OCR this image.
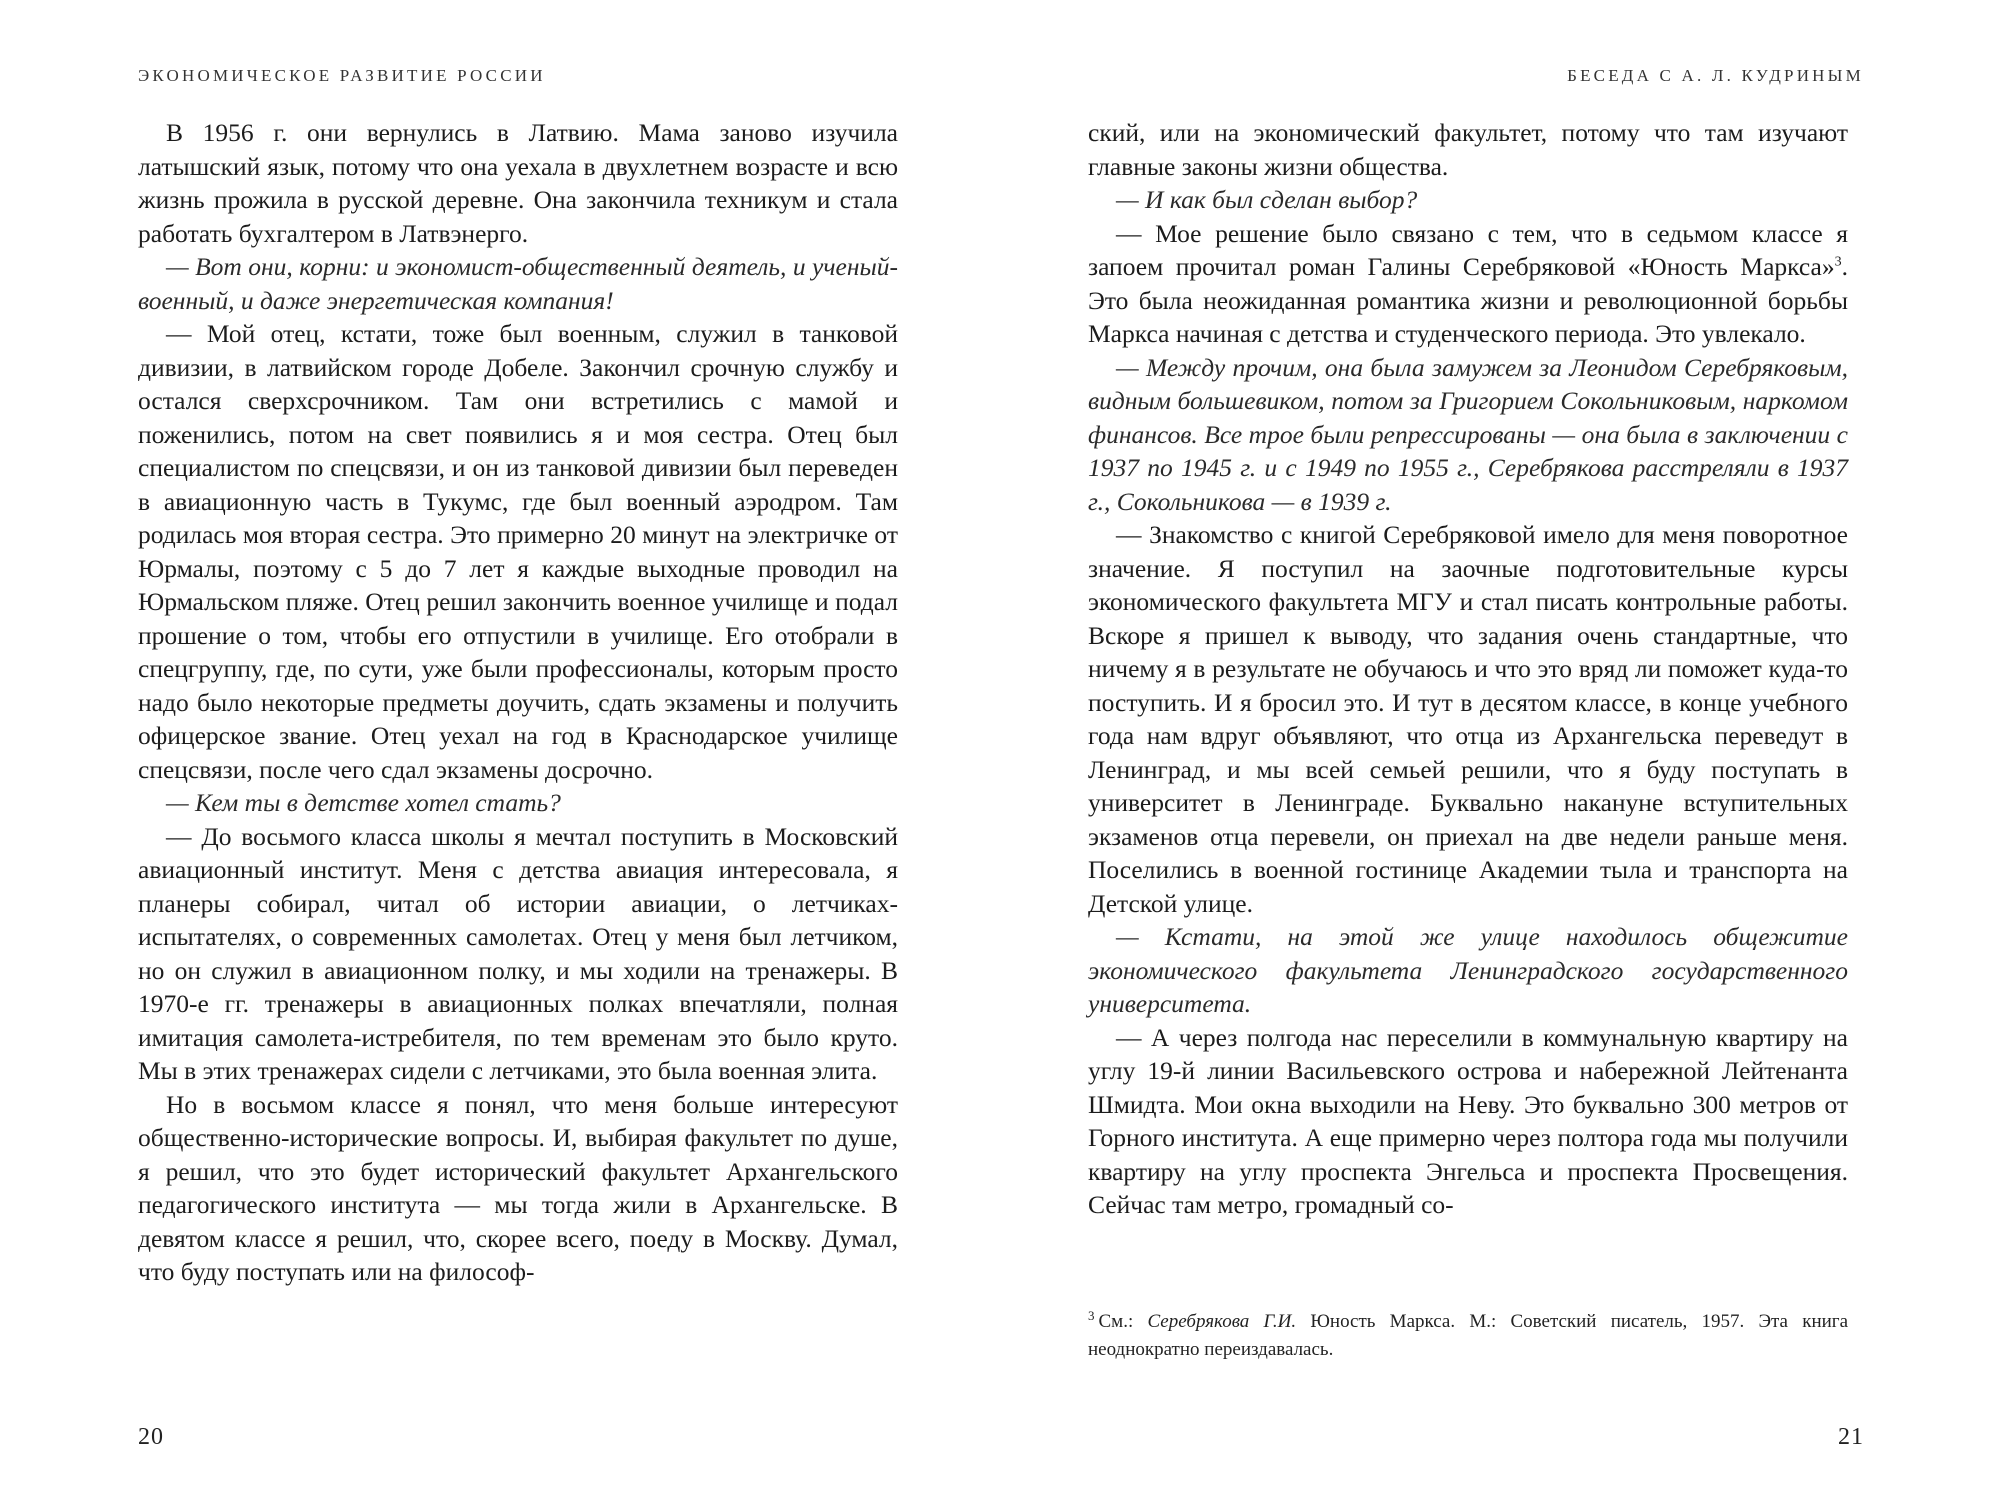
ЭКОНОМИЧЕСКОЕ РАЗВИТИЕ РОССИИ

В 1956 г. они вернулись в Латвию. Мама заново изучила латышский язык, потому что она уехала в двухлетнем возрасте и всю жизнь прожила в русской деревне. Она закончила техникум и стала работать бухгалтером в Латвэнерго.

— Вот они, корни: и экономист-общественный деятель, и ученый-военный, и даже энергетическая компания!

— Мой отец, кстати, тоже был военным, служил в танковой дивизии, в латвийском городе Добеле. Закончил срочную службу и остался сверхсрочником. Там они встретились с мамой и поженились, потом на свет появились я и моя сестра. Отец был специалистом по спецсвязи, и он из танковой дивизии был переведен в авиационную часть в Тукумс, где был военный аэродром. Там родилась моя вторая сестра. Это примерно 20 минут на электричке от Юрмалы, поэтому с 5 до 7 лет я каждые выходные проводил на Юрмальском пляже. Отец решил закончить военное училище и подал прошение о том, чтобы его отпустили в училище. Его отобрали в спецгруппу, где, по сути, уже были профессионалы, которым просто надо было некоторые предметы доучить, сдать экзамены и получить офицерское звание. Отец уехал на год в Краснодарское училище спецсвязи, после чего сдал экзамены досрочно.

— Кем ты в детстве хотел стать?

— До восьмого класса школы я мечтал поступить в Московский авиационный институт. Меня с детства авиация интересовала, я планеры собирал, читал об истории авиации, о летчиках-испытателях, о современных самолетах. Отец у меня был летчиком, но он служил в авиационном полку, и мы ходили на тренажеры. В 1970-е гг. тренажеры в авиационных полках впечатляли, полная имитация самолета-истребителя, по тем временам это было круто. Мы в этих тренажерах сидели с летчиками, это была военная элита.

Но в восьмом классе я понял, что меня больше интересуют общественно-исторические вопросы. И, выбирая факультет по душе, я решил, что это будет исторический факультет Архангельского педагогического института — мы тогда жили в Архангельске. В девятом классе я решил, что, скорее всего, поеду в Москву. Думал, что буду поступать или на философ-

20
БЕСЕДА С А. Л. КУДРИНЫМ

ский, или на экономический факультет, потому что там изучают главные законы жизни общества.

— И как был сделан выбор?

— Мое решение было связано с тем, что в седьмом классе я запоем прочитал роман Галины Серебряковой «Юность Маркса»$^3$. Это была неожиданная романтика жизни и революционной борьбы Маркса начиная с детства и студенческого периода. Это увлекало.

— Между прочим, она была замужем за Леонидом Серебряковым, видным большевиком, потом за Григорием Сокольниковым, наркомом финансов. Все трое были репрессированы — она была в заключении с 1937 по 1945 г. и с 1949 по 1955 г., Серебрякова расстреляли в 1937 г., Сокольникова — в 1939 г.

— Знакомство с книгой Серебряковой имело для меня поворотное значение. Я поступил на заочные подготовительные курсы экономического факультета МГУ и стал писать контрольные работы. Вскоре я пришел к выводу, что задания очень стандартные, что ничему я в результате не обучаюсь и что это вряд ли поможет куда-то поступить. И я бросил это. И тут в десятом классе, в конце учебного года нам вдруг объявляют, что отца из Архангельска переведут в Ленинград, и мы всей семьей решили, что я буду поступать в университет в Ленинграде. Буквально накануне вступительных экзаменов отца перевели, он приехал на две недели раньше меня. Поселились в военной гостинице Академии тыла и транспорта на Детской улице.

— Кстати, на этой же улице находилось общежитие экономического факультета Ленинградского государственного университета.

— А через полгода нас переселили в коммунальную квартиру на углу 19-й линии Васильевского острова и набережной Лейтенанта Шмидта. Мои окна выходили на Неву. Это буквально 300 метров от Горного института. А еще примерно через полтора года мы получили квартиру на углу проспекта Энгельса и проспекта Просвещения. Сейчас там метро, громадный со-

$^3$ См.: Серебрякова Г.И. Юность Маркса. М.: Советский писатель, 1957. Эта книга неоднократно переиздавалась.
21
